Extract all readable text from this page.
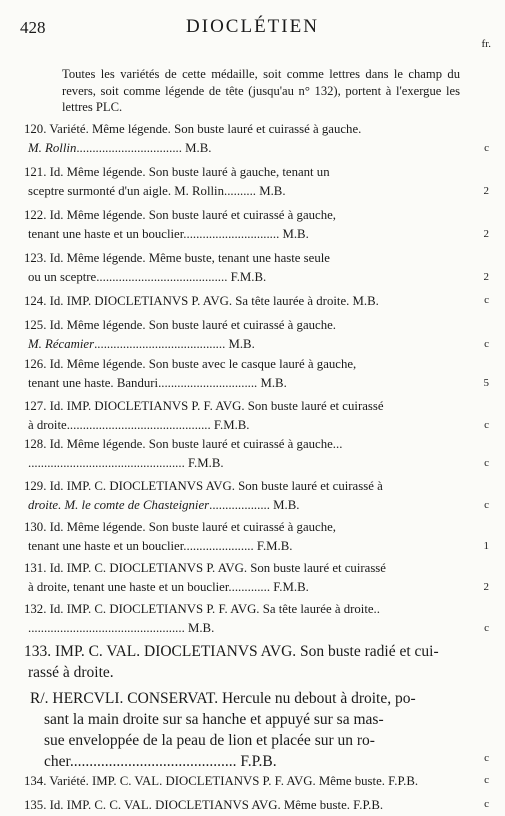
428	DIOCLÉTIEN
fr.
Toutes les variétés de cette médaille, soit comme lettres dans le champ du revers, soit comme légende de tête (jusqu'au n° 132), portent à l'exergue les lettres PLC.
120. Variété. Même légende. Son buste lauré et cuirassé à gauche.
M. Rollin................................. M.B.	c
121. Id. Même légende. Son buste lauré à gauche, tenant un
sceptre surmonté d'un aigle. M. Rollin.......... M.B.	2
122. Id. Même légende. Son buste lauré et cuirassé à gauche,
tenant une haste et un bouclier.............................. M.B.	2
123. Id. Même légende. Même buste, tenant une haste seule
ou un sceptre......................................... F.M.B.	2
124. Id. IMP. DIOCLETIANVS P. AVG. Sa tête laurée à droite. M.B.	c
125. Id. Même légende. Son buste lauré et cuirassé à gauche.
M. Récamier......................................... M.B.	c
126. Id. Même légende. Son buste avec le casque lauré à gauche,
tenant une haste. Banduri............................... M.B.	5
127. Id. IMP. DIOCLETIANVS P. F. AVG. Son buste lauré et cuirassé
à droite............................................. F.M.B.	c
128. Id. Même légende. Son buste lauré et cuirassé à gauche...
................................................. F.M.B.	c
129. Id. IMP. C. DIOCLETIANVS AVG. Son buste lauré et cuirassé à
droite. M. le comte de Chasteignier................... M.B.	c
130. Id. Même légende. Son buste lauré et cuirassé à gauche,
tenant une haste et un bouclier...................... F.M.B.	1
131. Id. IMP. C. DIOCLETIANVS P. AVG. Son buste lauré et cuirassé
à droite, tenant une haste et un bouclier............. F.M.B.	2
132. Id. IMP. C. DIOCLETIANVS P. F. AVG. Sa tête laurée à droite..
................................................. M.B.	c
133. IMP. C. VAL. DIOCLETIANVS AVG. Son buste radié et cui-
rassé à droite.
R/. HERCVLI. CONSERVAT. Hercule nu debout à droite, po-
sant la main droite sur sa hanche et appuyé sur sa mas-
sue enveloppée de la peau de lion et placée sur un ro-
cher........................................... F.P.B.	c
134. Variété. IMP. C. VAL. DIOCLETIANVS P. F. AVG. Même buste. F.P.B.	c
135. Id. IMP. C. C. VAL. DIOCLETIANVS AVG. Même buste. F.P.B.	c
